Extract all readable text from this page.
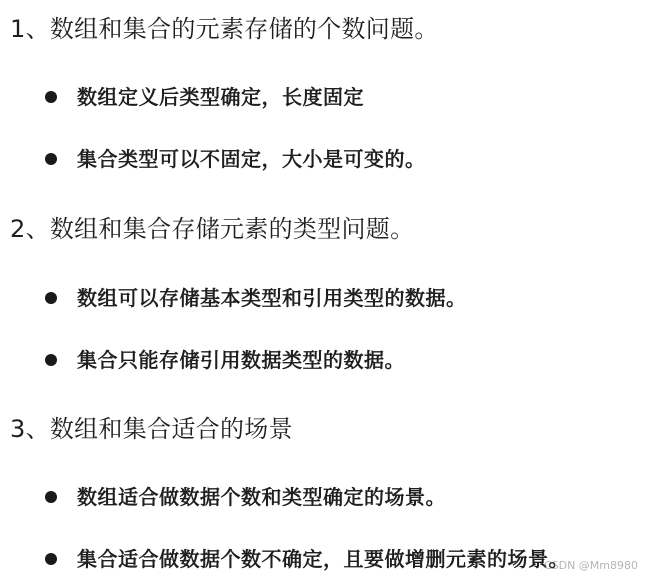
1、数组和集合的元素存储的个数问题。
数组定义后类型确定，长度固定
集合类型可以不固定，大小是可变的。
2、数组和集合存储元素的类型问题。
数组可以存储基本类型和引用类型的数据。
集合只能存储引用数据类型的数据。
3、数组和集合适合的场景
数组适合做数据个数和类型确定的场景。
集合适合做数据个数不确定，且要做增删元素的场景。
CSDN @Mm8980
